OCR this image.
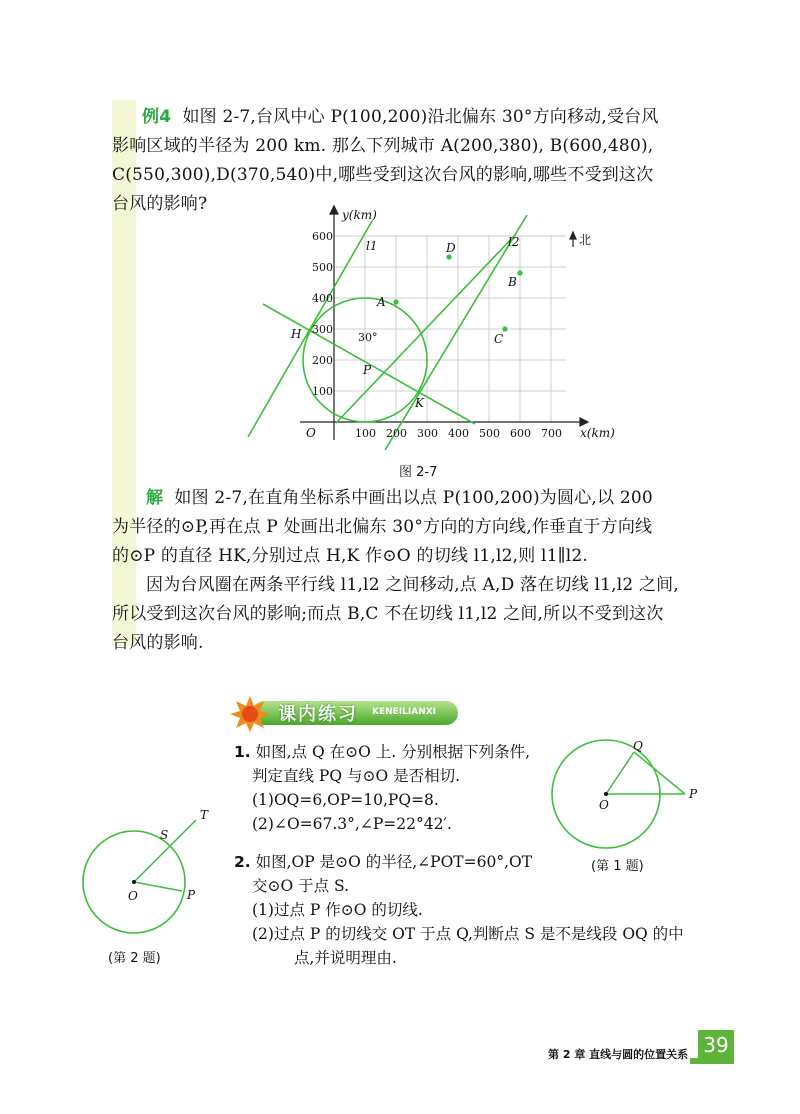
例4 如图 2-7,台风中心 P(100,200)沿北偏东 30°方向移动,受台风
影响区域的半径为 200 km. 那么下列城市 A(200,380), B(600,480),
C(550,300),D(370,540)中,哪些受到这次台风的影响,哪些不受到这次
台风的影响?
100 200 300 400 500 600 700
100
200
300
400
500
600
y(km)
x(km)
O
A
B
C
D
P
H
K
l1	l2	北
30°
图 2-7
解 如图 2-7,在直角坐标系中画出以点 P(100,200)为圆心,以 200
为半径的⊙P,再在点 P 处画出北偏东 30°方向的方向线,作垂直于方向线
的⊙P 的直径 HK,分别过点 H,K 作⊙O 的切线 l1,l2,则 l1∥l2.
因为台风圈在两条平行线 l1,l2 之间移动,点 A,D 落在切线 l1,l2 之间,
所以受到这次台风的影响;而点 B,C 不在切线 l1,l2 之间,所以不受到这次
台风的影响.
课内练习 KENEILIANXI
1. 如图,点 Q 在⊙O 上. 分别根据下列条件,
判定直线 PQ 与⊙O 是否相切.
(1)OQ=6,OP=10,PQ=8.
(2)∠O=67.3°,∠P=22°42′.
O
P
Q
(第 1 题)
2. 如图,OP 是⊙O 的半径,∠POT=60°,OT
交⊙O 于点 S.
(1)过点 P 作⊙O 的切线.
(2)过点 P 的切线交 OT 于点 Q,判断点 S 是不是线段 OQ 的中
点,并说明理由.
O	P
S
T
(第 2 题)
第 2 章 直线与圆的位置关系 39
